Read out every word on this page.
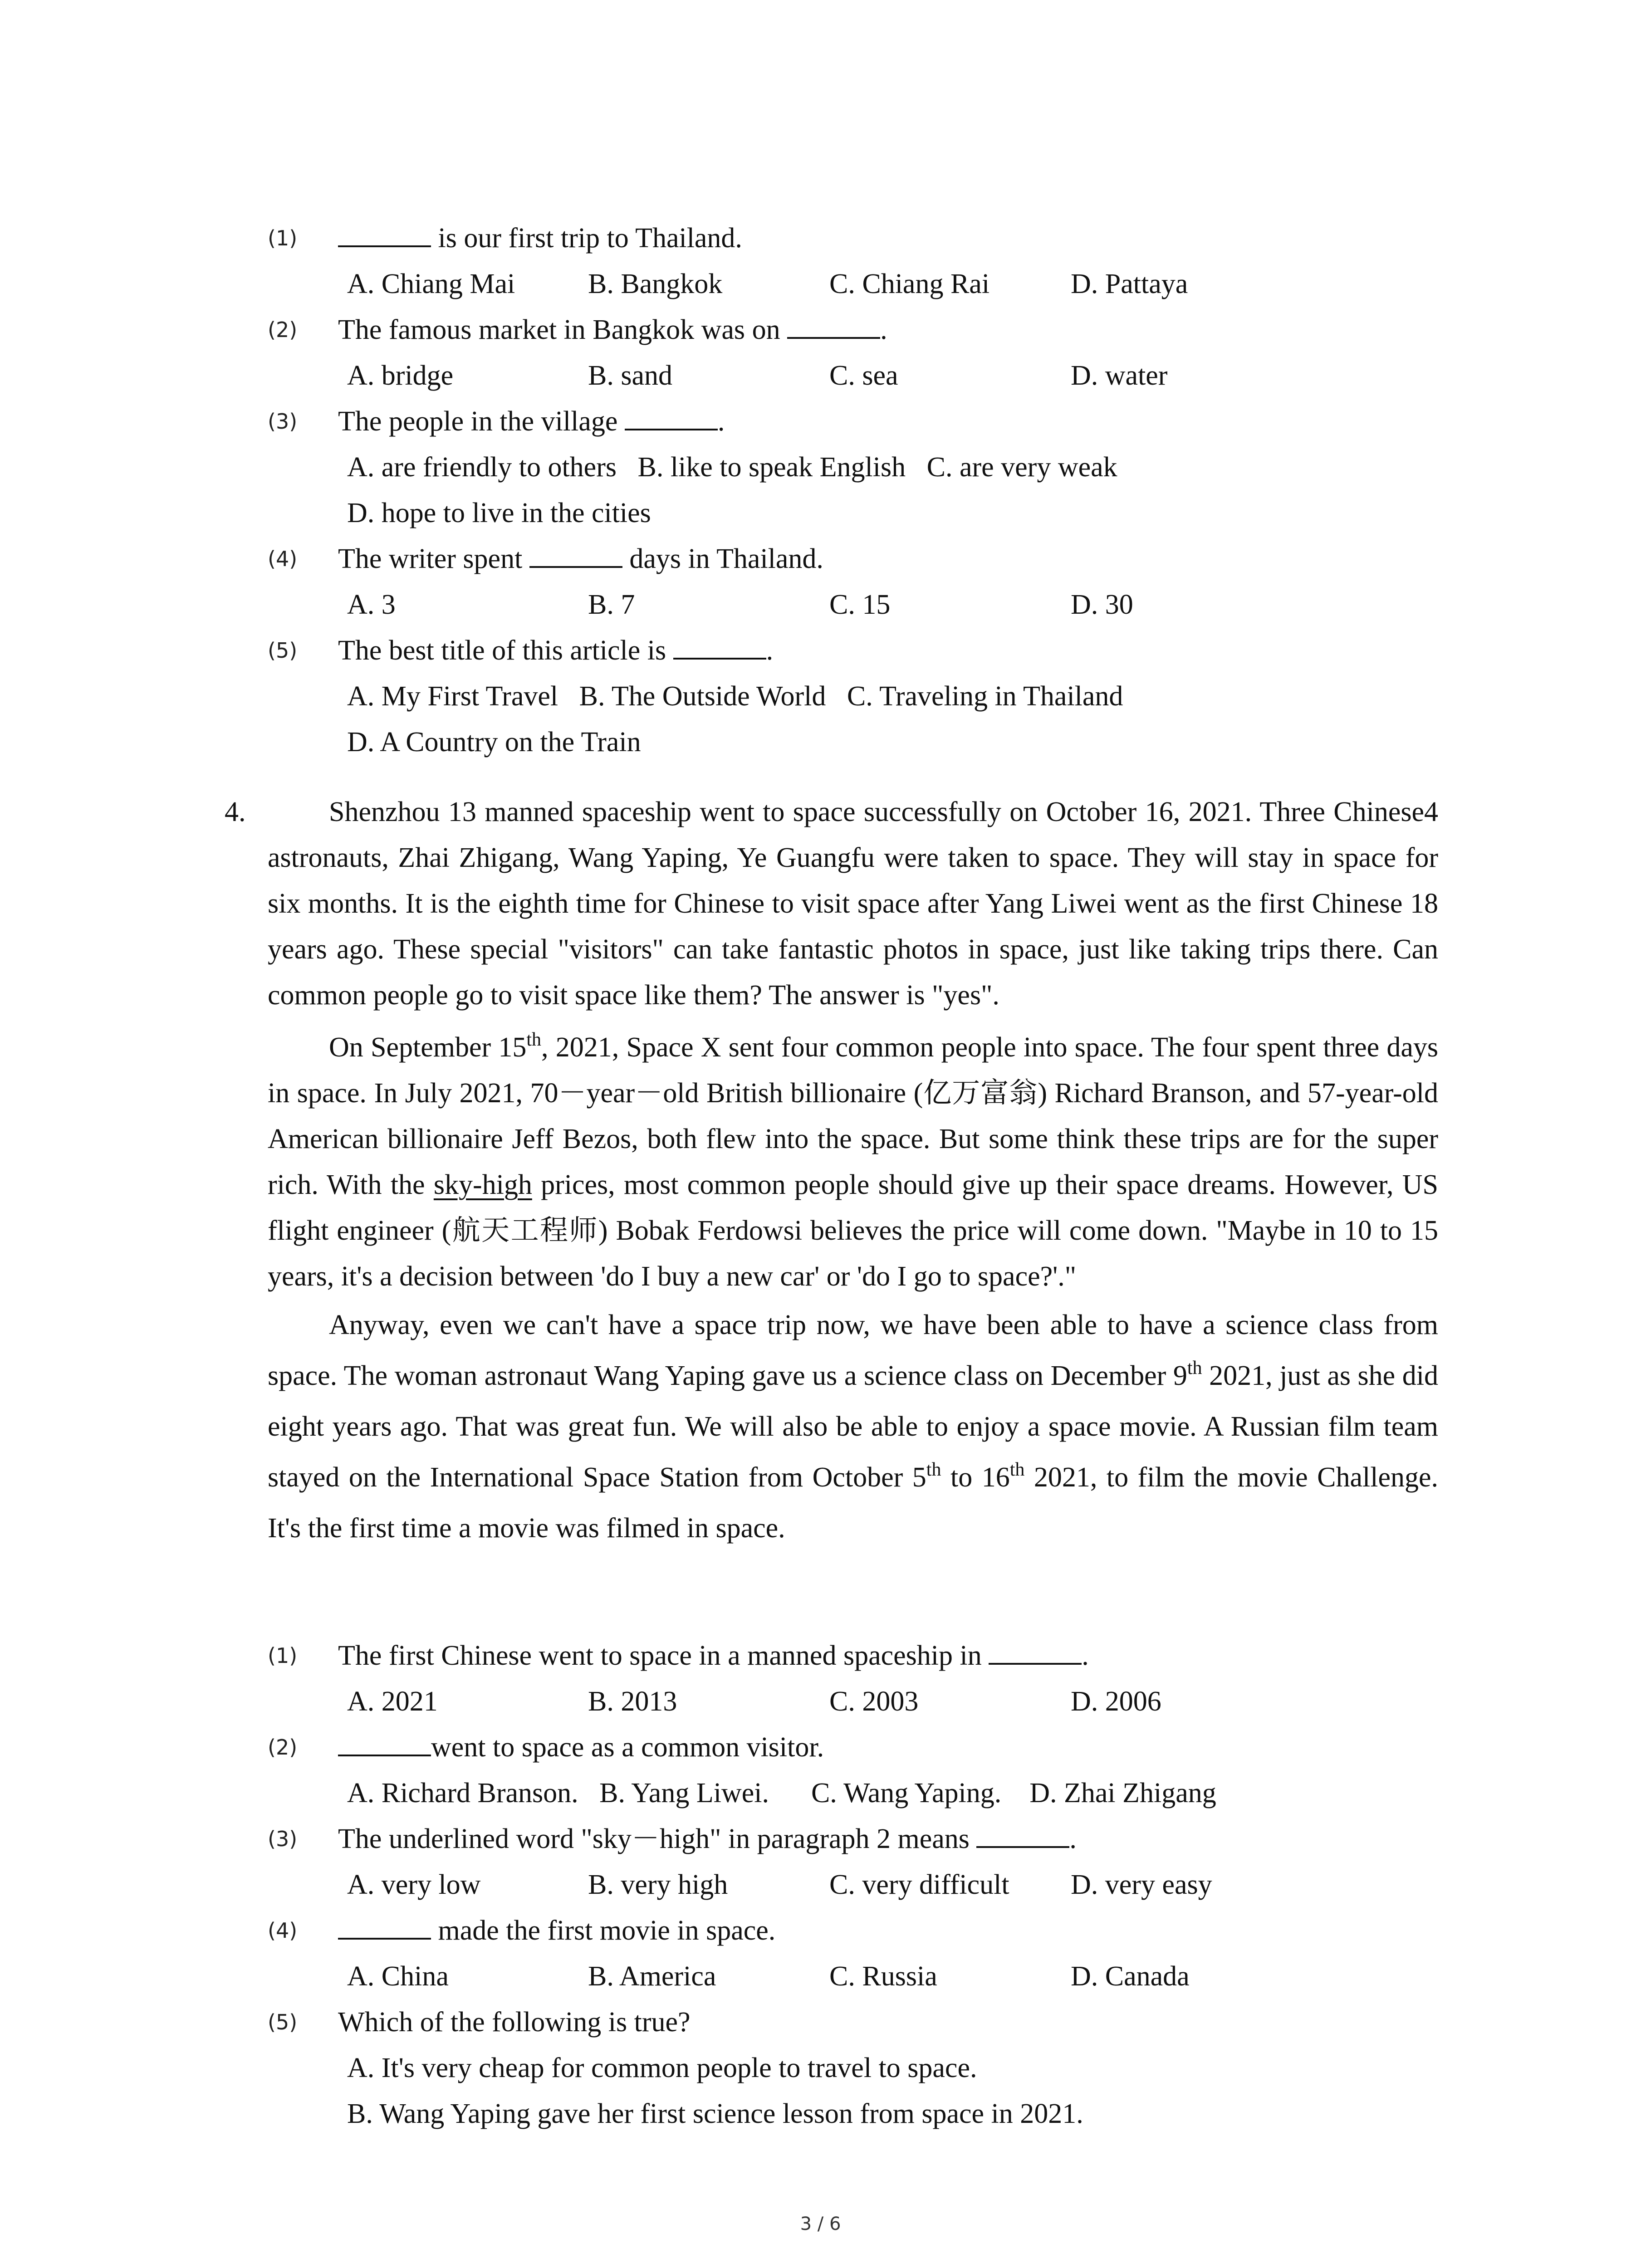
(1)	is our first trip to Thailand.
A. Chiang Mai	B. Bangkok	C. Chiang Rai	D. Pattaya
(2) The famous market in Bangkok was on	.
A. bridge	B. sand	C. sea	D. water
(3) The people in the village	.
A. are friendly to others   B. like to speak English   C. are very weak
D. hope to live in the cities
(4) The writer spent	days in Thailand.
A. 3	B. 7	C. 15	D. 30
(5) The best title of this article is	.
A. My First Travel   B. The Outside World   C. Traveling in Thailand
D. A Country on the Train
4.	Shenzhou 13 manned spaceship went to space successfully on October 16, 2021. Three Chinese4 astronauts, Zhai Zhigang, Wang Yaping, Ye Guangfu were taken to space. They will stay in space for six months. It is the eighth time for Chinese to visit space after Yang Liwei went as the first Chinese 18 years ago. These special "visitors" can take fantastic photos in space, just like taking trips there. Can common people go to visit space like them? The answer is "yes".

On September 15th, 2021, Space X sent four common people into space. The four spent three days in space. In July 2021, 70－year－old British billionaire (亿万富翁) Richard Branson, and 57-year-old American billionaire Jeff Bezos, both flew into the space. But some think these trips are for the super rich. With the sky-high prices, most common people should give up their space dreams. However, US flight engineer (航天工程师) Bobak Ferdowsi believes the price will come down. "Maybe in 10 to 15 years, it's a decision between 'do I buy a new car' or 'do I go to space?'."

Anyway, even we can't have a space trip now, we have been able to have a science class from space. The woman astronaut Wang Yaping gave us a science class on December 9th 2021, just as she did eight years ago. That was great fun. We will also be able to enjoy a space movie. A Russian film team stayed on the International Space Station from October 5th to 16th 2021, to film the movie Challenge. It's the first time a movie was filmed in space.

(1) The first Chinese went to space in a manned spaceship in	.
A. 2021	B. 2013	C. 2003	D. 2006
(2)	went to space as a common visitor.
A. Richard Branson.   B. Yang Liwei.      C. Wang Yaping.    D. Zhai Zhigang
(3) The underlined word "sky－high" in paragraph 2 means	.
A. very low	B. very high	C. very difficult D. very easy
(4)	made the first movie in space.
A. China	B. America	C. Russia	D. Canada
(5) Which of the following is true?
A. It's very cheap for common people to travel to space.
B. Wang Yaping gave her first science lesson from space in 2021.
3 / 6
